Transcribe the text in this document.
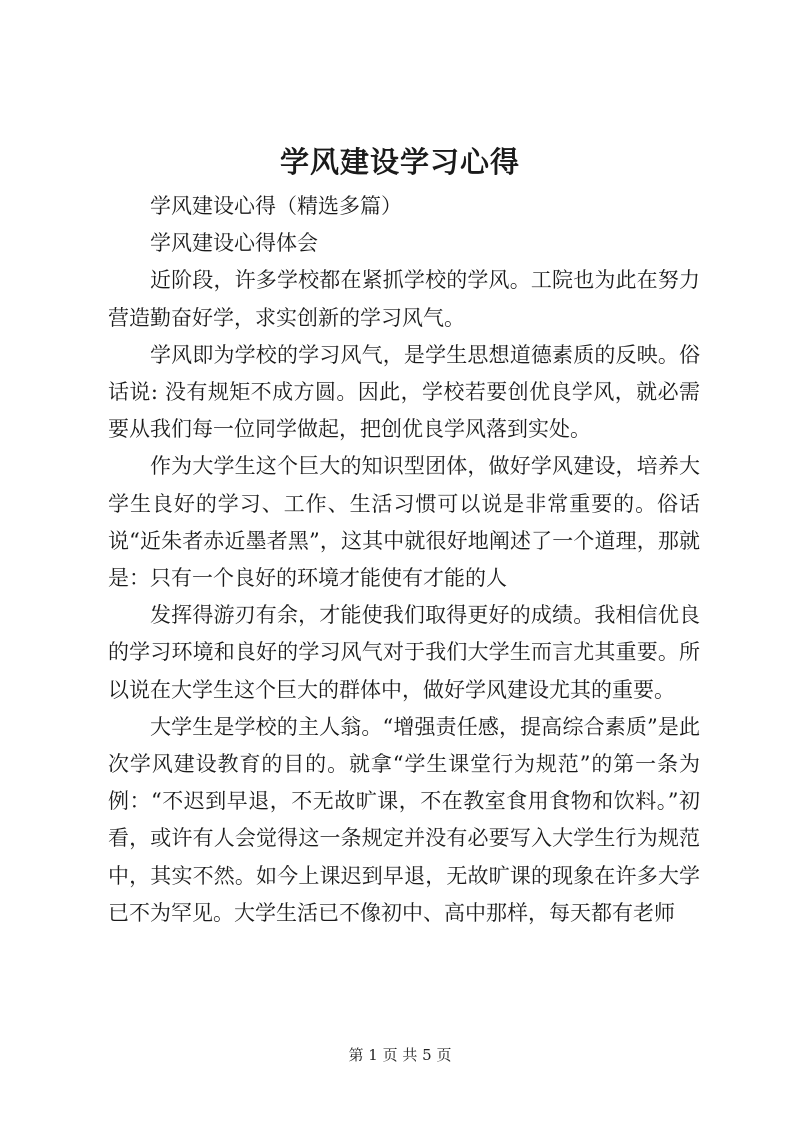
学风建设学习心得

学风建设心得（精选多篇）

学风建设心得体会

近阶段，许多学校都在紧抓学校的学风。工院也为此在努力营造勤奋好学，求实创新的学习风气。

学风即为学校的学习风气，是学生思想道德素质的反映。俗话说: 没有规矩不成方圆。因此，学校若要创优良学风，就必需要从我们每一位同学做起，把创优良学风落到实处。

作为大学生这个巨大的知识型团体，做好学风建设，培养大学生良好的学习、工作、生活习惯可以说是非常重要的。俗话说“近朱者赤近墨者黑”，这其中就很好地阐述了一个道理，那就是：只有一个良好的环境才能使有才能的人

发挥得游刃有余，才能使我们取得更好的成绩。我相信优良的学习环境和良好的学习风气对于我们大学生而言尤其重要。所以说在大学生这个巨大的群体中，做好学风建设尤其的重要。

大学生是学校的主人翁。“增强责任感，提高综合素质”是此次学风建设教育的目的。就拿“学生课堂行为规范”的第一条为例：“不迟到早退，不无故旷课，不在教室食用食物和饮料。”初看，或许有人会觉得这一条规定并没有必要写入大学生行为规范中，其实不然。如今上课迟到早退，无故旷课的现象在许多大学已不为罕见。大学生活已不像初中、高中那样，每天都有老师

第 1 页 共 5 页
